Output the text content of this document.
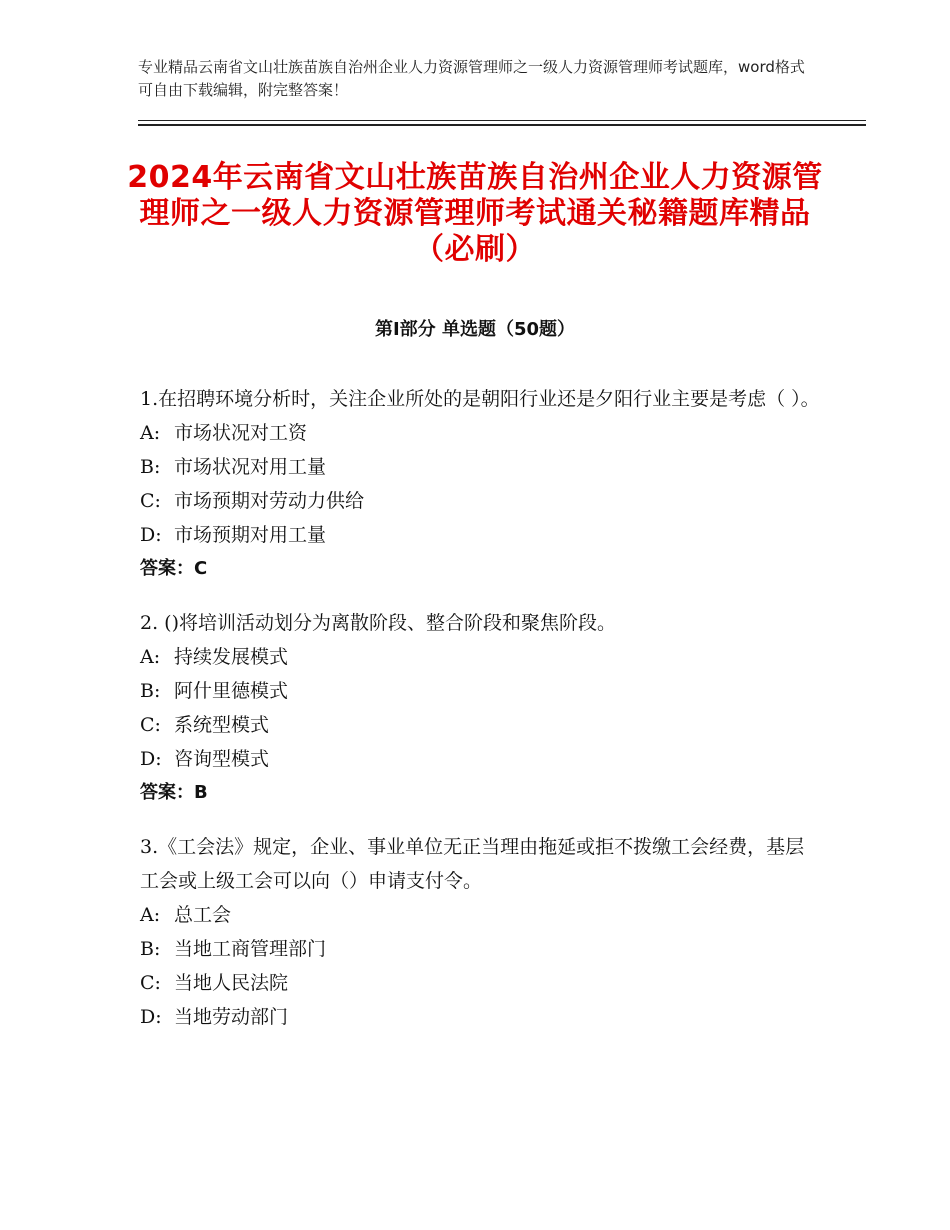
专业精品云南省文山壮族苗族自治州企业人力资源管理师之一级人力资源管理师考试题库，word格式可自由下载编辑，附完整答案！
2024年云南省文山壮族苗族自治州企业人力资源管理师之一级人力资源管理师考试通关秘籍题库精品（必刷）
第Ⅰ部分 单选题（50题）

1.在招聘环境分析时，关注企业所处的是朝阳行业还是夕阳行业主要是考虑（ ）。

A: 市场状况对工资

B: 市场状况对用工量

C: 市场预期对劳动力供给

D: 市场预期对用工量

答案：C

2. ()将培训活动划分为离散阶段、整合阶段和聚焦阶段。

A: 持续发展模式

B: 阿什里德模式

C: 系统型模式

D: 咨询型模式

答案：B

3.《工会法》规定，企业、事业单位无正当理由拖延或拒不拨缴工会经费，基层工会或上级工会可以向（）申请支付令。

A: 总工会

B: 当地工商管理部门

C: 当地人民法院

D: 当地劳动部门
